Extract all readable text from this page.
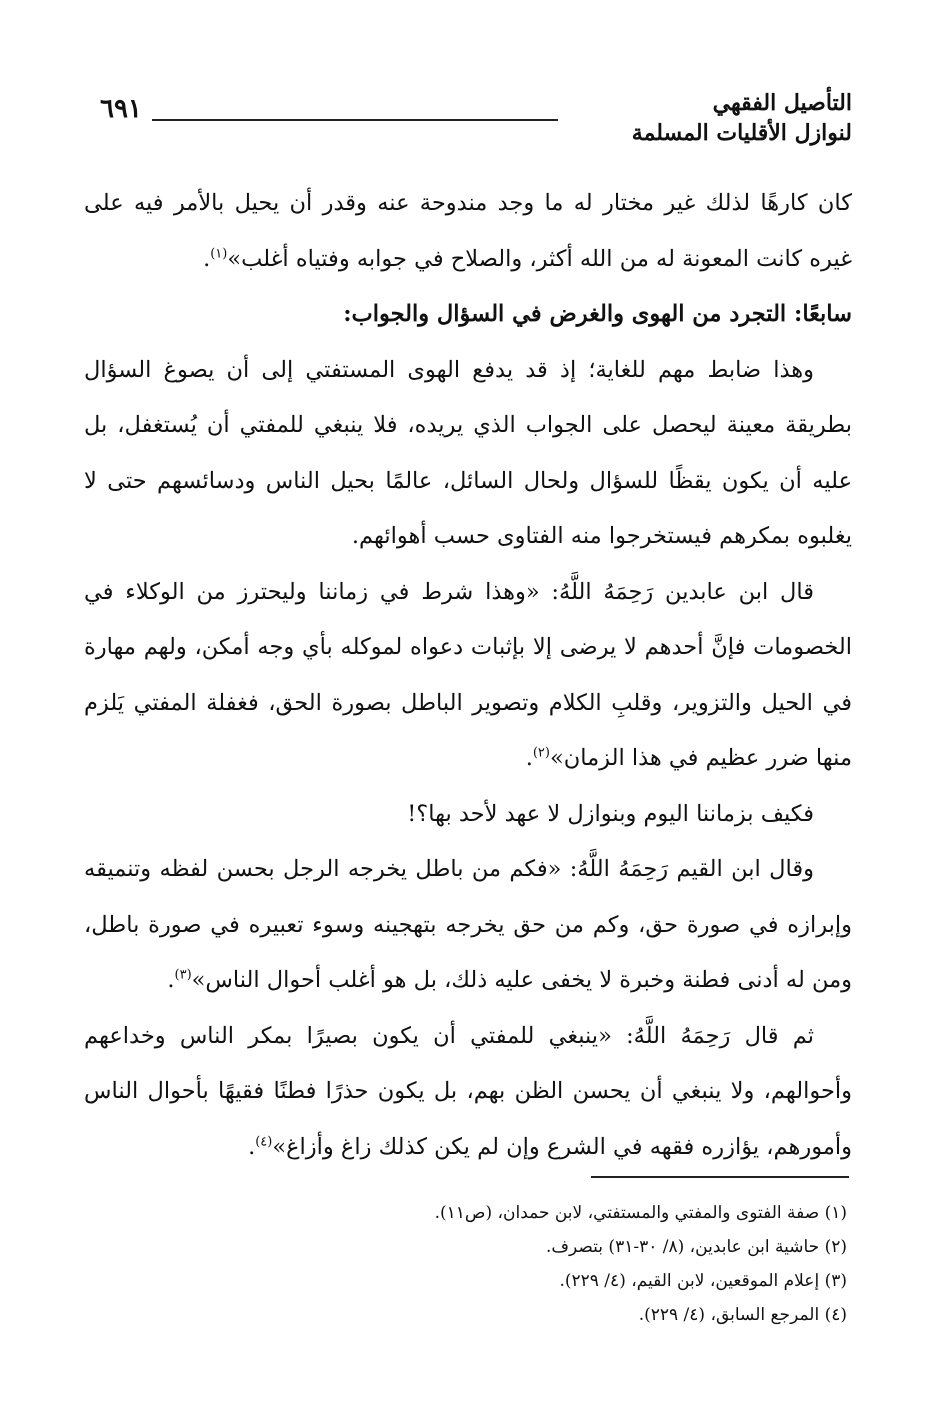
٦٩١	التأصيل الفقهي
لنوازل الأقليات المسلمة

كان كارهًا لذلك غير مختار له ما وجد مندوحة عنه وقدر أن يحيل بالأمر فيه على غيره كانت المعونة له من الله أكثر، والصلاح في جوابه وفتياه أغلب»$^{(١)}$.

سابعًا: التجرد من الهوى والغرض في السؤال والجواب:

وهذا ضابط مهم للغاية؛ إذ قد يدفع الهوى المستفتي إلى أن يصوغ السؤال بطريقة معينة ليحصل على الجواب الذي يريده، فلا ينبغي للمفتي أن يُستغفل، بل عليه أن يكون يقظًا للسؤال ولحال السائل، عالمًا بحيل الناس ودسائسهم حتى لا يغلبوه بمكرهم فيستخرجوا منه الفتاوى حسب أهوائهم.

قال ابن عابدين رَحِمَهُ اللَّهُ: «وهذا شرط في زماننا وليحترز من الوكلاء في الخصومات فإنَّ أحدهم لا يرضى إلا بإثبات دعواه لموكله بأي وجه أمكن، ولهم مهارة في الحيل والتزوير، وقلبِ الكلام وتصوير الباطل بصورة الحق، فغفلة المفتي يَلزم منها ضرر عظيم في هذا الزمان»$^{(٢)}$.

فكيف بزماننا اليوم وبنوازل لا عهد لأحد بها؟!

وقال ابن القيم رَحِمَهُ اللَّهُ: «فكم من باطل يخرجه الرجل بحسن لفظه وتنميقه وإبرازه في صورة حق، وكم من حق يخرجه بتهجينه وسوء تعبيره في صورة باطل، ومن له أدنى فطنة وخبرة لا يخفى عليه ذلك، بل هو أغلب أحوال الناس»$^{(٣)}$.

ثم قال رَحِمَهُ اللَّهُ: «ينبغي للمفتي أن يكون بصيرًا بمكر الناس وخداعهم وأحوالهم، ولا ينبغي أن يحسن الظن بهم، بل يكون حذرًا فطنًا فقيهًا بأحوال الناس وأمورهم، يؤازره فقهه في الشرع وإن لم يكن كذلك زاغ وأزاغ»$^{(٤)}$.

(١) صفة الفتوى والمفتي والمستفتي، لابن حمدان، (ص١١).

(٢) حاشية ابن عابدين، (٨/ ٣٠-٣١) بتصرف.

(٣) إعلام الموقعين، لابن القيم، (٤/ ٢٢٩).

(٤) المرجع السابق، (٤/ ٢٢٩).
